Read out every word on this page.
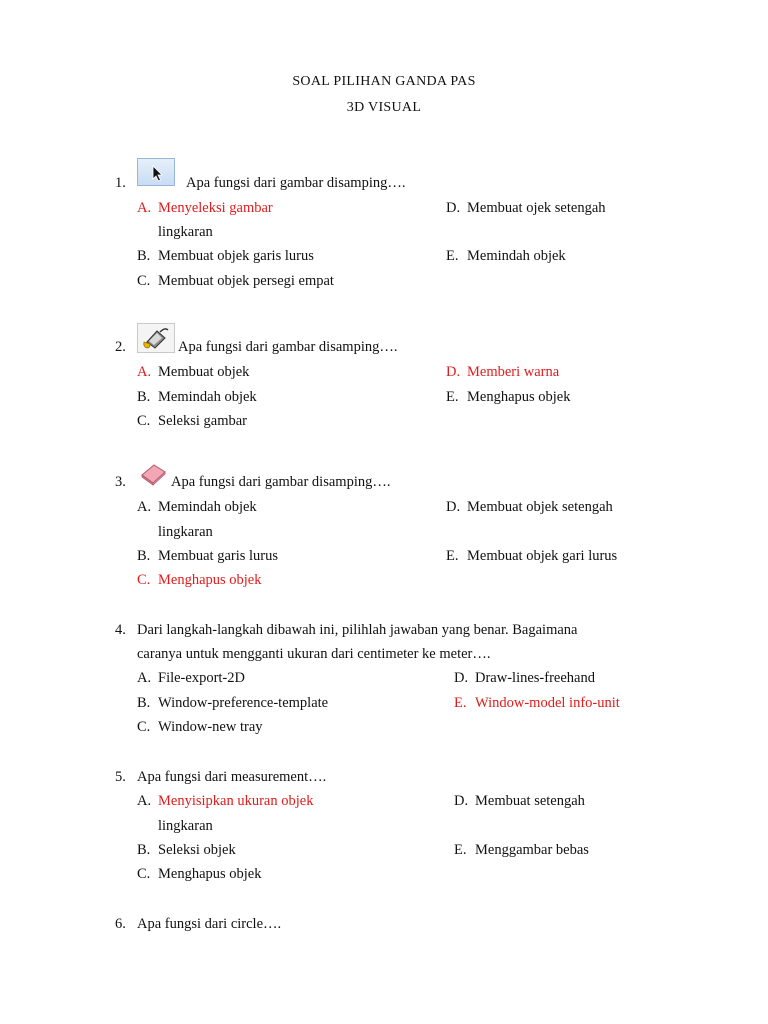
SOAL PILIHAN GANDA PAS
3D VISUAL
1.	Apa fungsi dari gambar disamping….
A. Menyeleksi gambar	D. Membuat ojek setengah
lingkaran
B. Membuat objek garis lurus	E. Memindah objek
C. Membuat objek persegi empat
2.	Apa fungsi dari gambar disamping….
A. Membuat objek	D. Memberi warna
B. Memindah objek	E. Menghapus objek
C. Seleksi gambar
3.	Apa fungsi dari gambar disamping….
A. Memindah objek	D. Membuat objek setengah
lingkaran
B. Membuat garis lurus	E. Membuat objek gari lurus
C. Menghapus objek
4. Dari langkah-langkah dibawah ini, pilihlah jawaban yang benar. Bagaimana
caranya untuk mengganti ukuran dari centimeter ke meter….
A. File-export-2D	D. Draw-lines-freehand
B. Window-preference-template	E. Window-model info-unit
C. Window-new tray
5. Apa fungsi dari measurement….
A. Menyisipkan ukuran objek	D. Membuat setengah
lingkaran
B. Seleksi objek	E. Menggambar bebas
C. Menghapus objek
6. Apa fungsi dari circle….
